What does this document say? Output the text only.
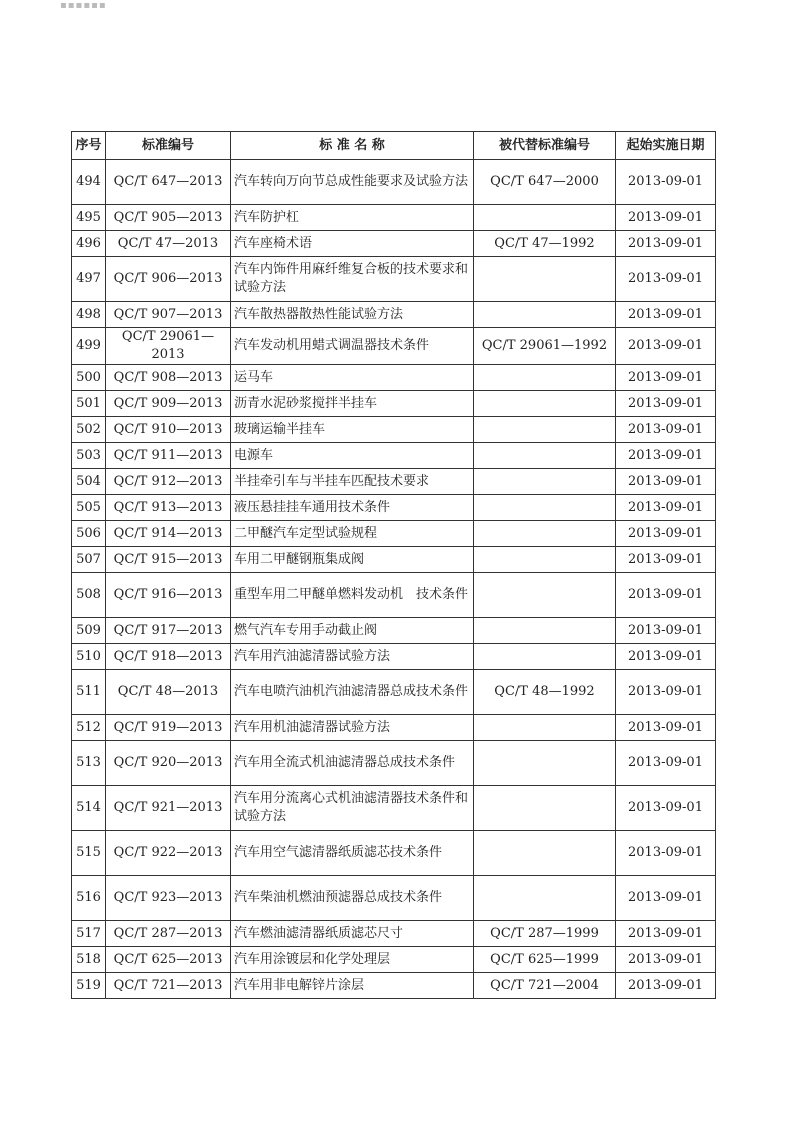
▪▪▪▪▪▪
序号	标准编号	标 准 名 称	被代替标准编号	起始实施日期
494	QC/T 647—2013	汽车转向万向节总成性能要求及试验方法	QC/T 647—2000	2013-09-01
495	QC/T 905—2013	汽车防护杠		2013-09-01
496	QC/T 47—2013	汽车座椅术语	QC/T 47—1992	2013-09-01
497	QC/T 906—2013	汽车内饰件用麻纤维复合板的技术要求和试验方法		2013-09-01
498	QC/T 907—2013	汽车散热器散热性能试验方法		2013-09-01
499	QC/T 29061—2013	汽车发动机用蜡式调温器技术条件	QC/T 29061—1992	2013-09-01
500	QC/T 908—2013	运马车		2013-09-01
501	QC/T 909—2013	沥青水泥砂浆搅拌半挂车		2013-09-01
502	QC/T 910—2013	玻璃运输半挂车		2013-09-01
503	QC/T 911—2013	电源车		2013-09-01
504	QC/T 912—2013	半挂牵引车与半挂车匹配技术要求		2013-09-01
505	QC/T 913—2013	液压悬挂挂车通用技术条件		2013-09-01
506	QC/T 914—2013	二甲醚汽车定型试验规程		2013-09-01
507	QC/T 915—2013	车用二甲醚钢瓶集成阀		2013-09-01
508	QC/T 916—2013	重型车用二甲醚单燃料发动机　技术条件		2013-09-01
509	QC/T 917—2013	燃气汽车专用手动截止阀		2013-09-01
510	QC/T 918—2013	汽车用汽油滤清器试验方法		2013-09-01
511	QC/T 48—2013	汽车电喷汽油机汽油滤清器总成技术条件	QC/T 48—1992	2013-09-01
512	QC/T 919—2013	汽车用机油滤清器试验方法		2013-09-01
513	QC/T 920—2013	汽车用全流式机油滤清器总成技术条件		2013-09-01
514	QC/T 921—2013	汽车用分流离心式机油滤清器技术条件和试验方法		2013-09-01
515	QC/T 922—2013	汽车用空气滤清器纸质滤芯技术条件		2013-09-01
516	QC/T 923—2013	汽车柴油机燃油预滤器总成技术条件		2013-09-01
517	QC/T 287—2013	汽车燃油滤清器纸质滤芯尺寸	QC/T 287—1999	2013-09-01
518	QC/T 625—2013	汽车用涂镀层和化学处理层	QC/T 625—1999	2013-09-01
519	QC/T 721—2013	汽车用非电解锌片涂层	QC/T 721—2004	2013-09-01
